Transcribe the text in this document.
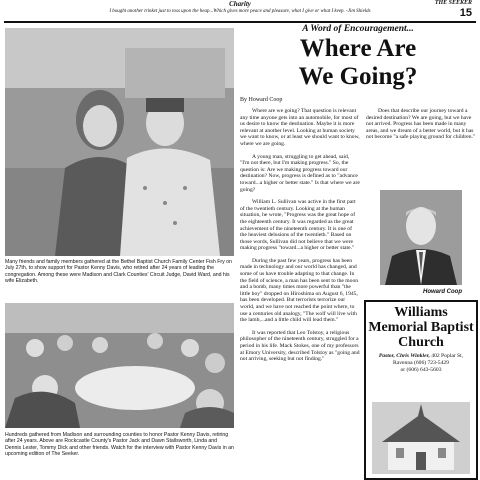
Charity
I bought another trinket just to toss upon the heap...Which gives more peace and pleasure, what I give or what I keep. -Jim Shields
THE SEEKER
15
Many friends and family members gathered at the Bethel Baptist Church Family Center Fish Fry on July 27th, to show support for Pastor Kenny Davis, who retired after 24 years of leading the congregation. Among these were Madison and Clark Counties' Circuit Judge, David Ward, and his wife Elizabeth.
Hundreds gathered from Madison and surrounding counties to honor Pastor Kenny Davis, retiring after 24 years. Above are Rockcastle County's Pastor Jack and Dawn Stallsworth, Linda and Dennis Lester, Tommy Dick and other friends. Watch for the interview with Pastor Kenny Davis in an upcoming edition of The Seeker.
A Word of Encouragement...
Where Are
We Going?
By Howard Coop

Where are we going? That question is relevant any time anyone gets into an automobile, for most of us desire to know the destination. Maybe it is more relevant at another level. Looking at human society we want to know, or at least we should want to know, where we are going.

A young man, struggling to get ahead, said, "I'm not there, but I'm making progress." So, the question is: Are we making progress toward our destination? Now, progress is defined as to "advance toward...a higher or better state." Is that where we are going?

William L. Sullivan was active in the first part of the twentieth century. Looking at the human situation, he wrote, "Progress was the great hope of the eighteenth century. It was regarded as the great achievement of the nineteenth century. It is one of the heaviest delusions of the twentieth." Based on those words, Sullivan did not believe that we were making progress "toward...a higher or better state."

During the past few years, progress has been made in technology and our world has changed, and some of us have trouble adapting to that change. In the field of science, a man has been sent to the moon and a bomb, many times more powerful than "the little boy" dropped on Hiroshima on August 6, 1945, has been developed. But terrorists terrorize our world, and we have not reached the point where, to use a centuries old analogy, "The wolf will live with the lamb,...and a little child will lead them."

It was reported that Leo Tolstoy, a religious philosopher of the nineteenth century, struggled for a period in his life. Mack Stokes, one of my professors at Emory University, described Tolstoy as "going and not arriving, seeking but not finding."

Does that describe our journey toward a desired destination? We are going, but we have not arrived. Progress has been made in many areas, and we dream of a better world, but it has not become "a safe playing ground for children."

Howard Coop
Williams Memorial Baptist Church
Pastor, Chris Winkler, 402 Poplar St,
Ravenna (606) 723-5429
or (606) 643-5603
